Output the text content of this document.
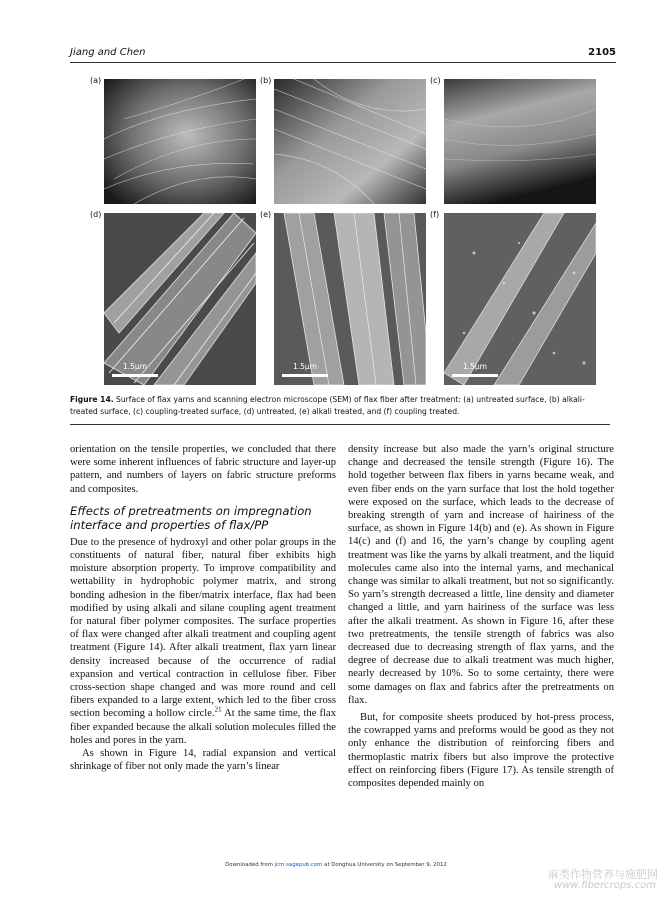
Jiang and Chen	2105
(a)	(b)	(c)
(d)
1.5μm
(e)
1.5μm
(f)
1.5μm
Figure 14. Surface of flax yarns and scanning electron microscope (SEM) of flax fiber after treatment: (a) untreated surface, (b) alkali-treated surface, (c) coupling-treated surface, (d) untreated, (e) alkali treated, and (f) coupling treated.

orientation on the tensile properties, we concluded that there were some inherent influences of fabric structure and layer-up pattern, and numbers of layers on fabric structure preforms and composites.

Effects of pretreatments on impregnation interface and properties of flax/PP

Due to the presence of hydroxyl and other polar groups in the constituents of natural fiber, natural fiber exhibits high moisture absorption property. To improve compatibility and wettability in hydrophobic polymer matrix, and strong bonding adhesion in the fiber/matrix interface, flax had been modified by using alkali and silane coupling agent treatment for natural fiber polymer composites. The surface properties of flax were changed after alkali treatment and coupling agent treatment (Figure 14). After alkali treatment, flax yarn linear density increased because of the occurrence of radial expansion and vertical contraction in cellulose fiber. Fiber cross-section shape changed and was more round and cell fibers expanded to a large extent, which led to the fiber cross section becoming a hollow circle.$^{21}$ At the same time, the flax fiber expanded because the alkali solution molecules filled the holes and pores in the yarn.

As shown in Figure 14, radial expansion and vertical shrinkage of fiber not only made the yarn’s linear

density increase but also made the yarn’s original structure change and decreased the tensile strength (Figure 16). The hold together between flax fibers in yarns became weak, and even fiber ends on the yarn surface that lost the hold together were exposed on the surface, which leads to the decrease of breaking strength of yarn and increase of hairiness of the surface, as shown in Figure 14(b) and (e). As shown in Figure 14(c) and (f) and 16, the yarn’s change by coupling agent treatment was like the yarns by alkali treatment, and the liquid molecules came also into the internal yarns, and mechanical change was similar to alkali treatment, but not so significantly. So yarn’s strength decreased a little, line density and diameter changed a little, and yarn hairiness of the surface was less after the alkali treatment. As shown in Figure 16, after these two pretreatments, the tensile strength of fabrics was also decreased due to decreasing strength of flax yarns, and the degree of decrease due to alkali treatment was much higher, nearly decreased by 10%. So to some certainty, there were some damages on flax and fabrics after the pretreatments on flax.

But, for composite sheets produced by hot-press process, the cowrapped yarns and preforms would be good as they not only enhance the distribution of reinforcing fibers and thermoplastic matrix fibers but also improve the protective effect on reinforcing fibers (Figure 17). As tensile strength of composites depended mainly on

Downloaded from jcm.sagepub.com at Donghua University on September 9, 2012
麻类作物营养与施肥网
www.fibercrops.com
